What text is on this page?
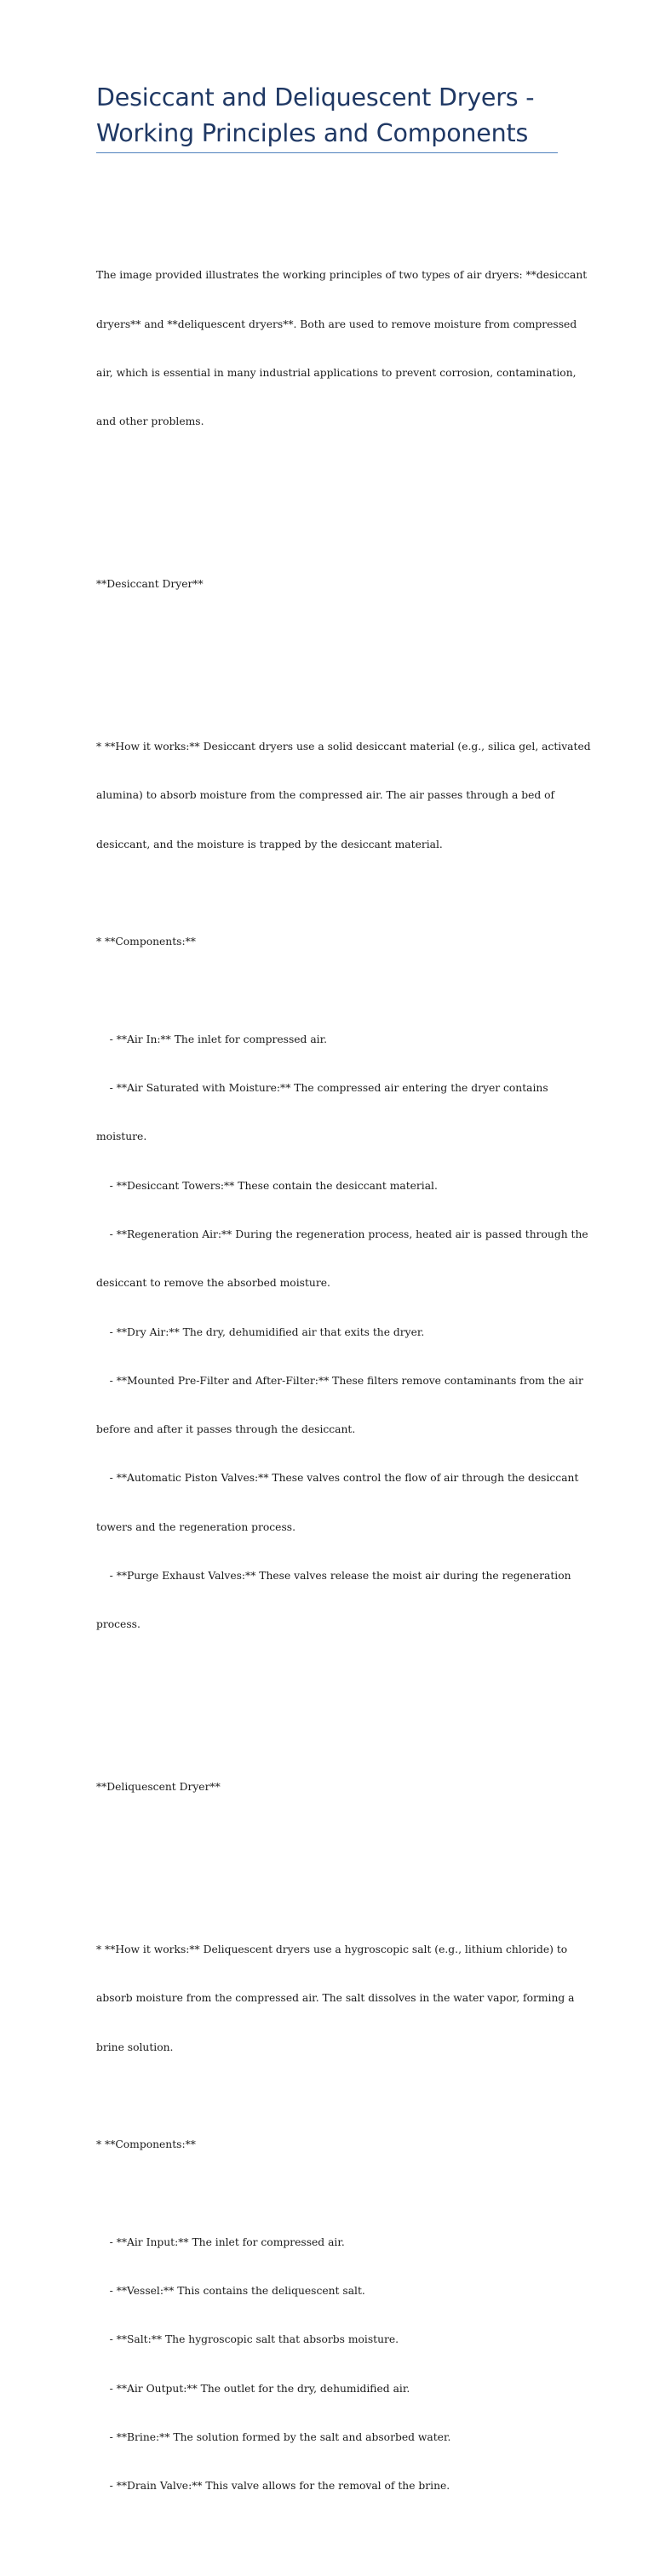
Desiccant and Deliquescent Dryers -
Working Principles and Components

The image provided illustrates the working principles of two types of air dryers: **desiccant

dryers** and **deliquescent dryers**. Both are used to remove moisture from compressed

air, which is essential in many industrial applications to prevent corrosion, contamination,

and other problems.

**Desiccant Dryer**

* **How it works:** Desiccant dryers use a solid desiccant material (e.g., silica gel, activated

alumina) to absorb moisture from the compressed air. The air passes through a bed of

desiccant, and the moisture is trapped by the desiccant material.

* **Components:**

- **Air In:** The inlet for compressed air.

- **Air Saturated with Moisture:** The compressed air entering the dryer contains

moisture.

- **Desiccant Towers:** These contain the desiccant material.

- **Regeneration Air:** During the regeneration process, heated air is passed through the

desiccant to remove the absorbed moisture.

- **Dry Air:** The dry, dehumidified air that exits the dryer.

- **Mounted Pre-Filter and After-Filter:** These filters remove contaminants from the air

before and after it passes through the desiccant.

- **Automatic Piston Valves:** These valves control the flow of air through the desiccant

towers and the regeneration process.

- **Purge Exhaust Valves:** These valves release the moist air during the regeneration

process.

**Deliquescent Dryer**

* **How it works:** Deliquescent dryers use a hygroscopic salt (e.g., lithium chloride) to

absorb moisture from the compressed air. The salt dissolves in the water vapor, forming a

brine solution.

* **Components:**

- **Air Input:** The inlet for compressed air.

- **Vessel:** This contains the deliquescent salt.

- **Salt:** The hygroscopic salt that absorbs moisture.

- **Air Output:** The outlet for the dry, dehumidified air.

- **Brine:** The solution formed by the salt and absorbed water.

- **Drain Valve:** This valve allows for the removal of the brine.
